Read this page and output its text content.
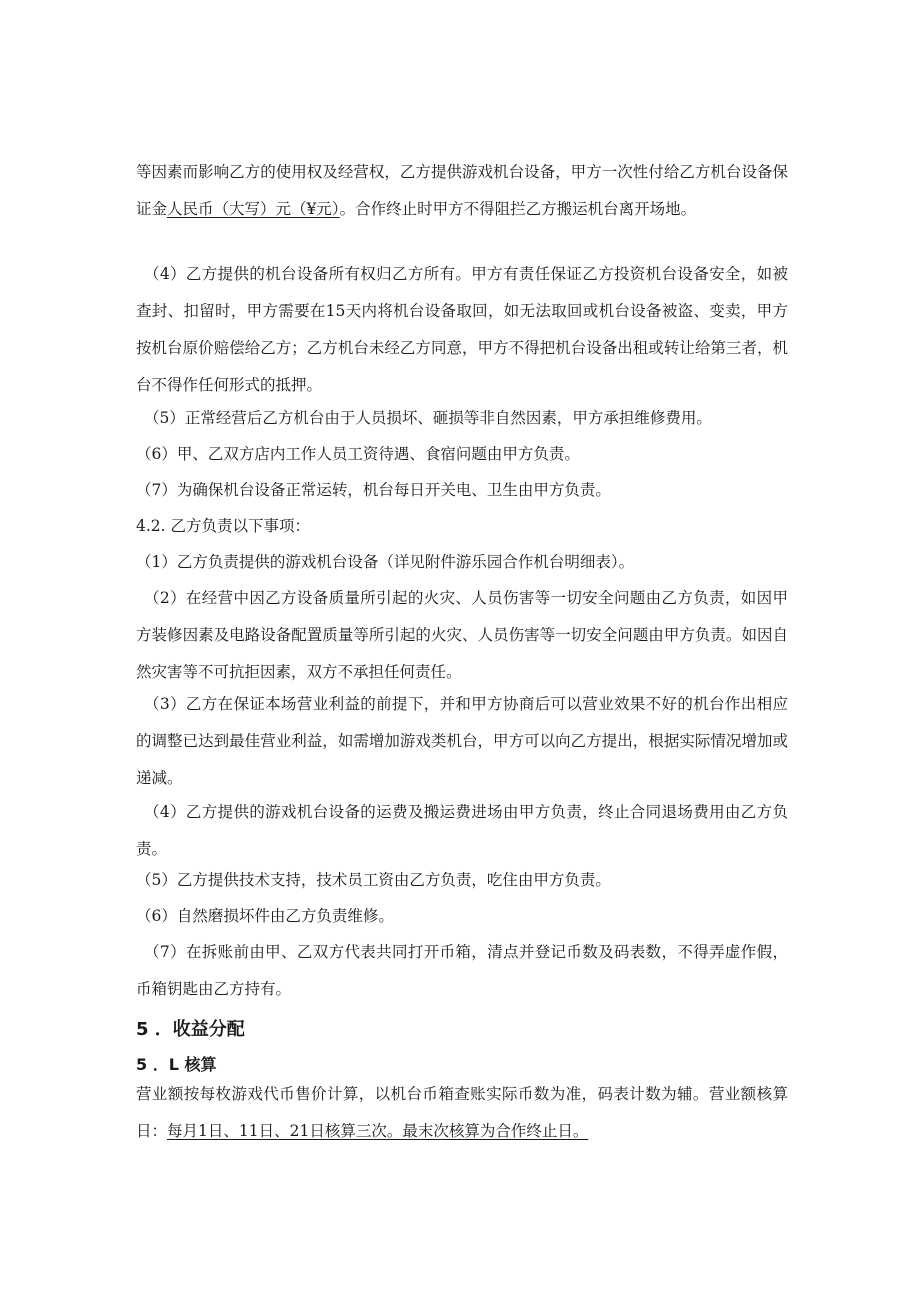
等因素而影响乙方的使用权及经营权，乙方提供游戏机台设备，甲方一次性付给乙方机台设备保证金人民币（大写）元（¥元）。合作终止时甲方不得阻拦乙方搬运机台离开场地。

（4）乙方提供的机台设备所有权归乙方所有。甲方有责任保证乙方投资机台设备安全，如被查封、扣留时，甲方需要在15天内将机台设备取回，如无法取回或机台设备被盗、变卖，甲方按机台原价赔偿给乙方；乙方机台未经乙方同意，甲方不得把机台设备出租或转让给第三者，机台不得作任何形式的抵押。

（5）正常经营后乙方机台由于人员损坏、砸损等非自然因素，甲方承担维修费用。

（6）甲、乙双方店内工作人员工资待遇、食宿问题由甲方负责。

（7）为确保机台设备正常运转，机台每日开关电、卫生由甲方负责。

4.2. 乙方负责以下事项：

（1）乙方负责提供的游戏机台设备（详见附件游乐园合作机台明细表）。

（2）在经营中因乙方设备质量所引起的火灾、人员伤害等一切安全问题由乙方负责，如因甲方装修因素及电路设备配置质量等所引起的火灾、人员伤害等一切安全问题由甲方负责。如因自然灾害等不可抗拒因素，双方不承担任何责任。

（3）乙方在保证本场营业利益的前提下，并和甲方协商后可以营业效果不好的机台作出相应的调整已达到最佳营业利益，如需增加游戏类机台，甲方可以向乙方提出，根据实际情况增加或递减。

（4）乙方提供的游戏机台设备的运费及搬运费进场由甲方负责，终止合同退场费用由乙方负责。

（5）乙方提供技术支持，技术员工资由乙方负责，吃住由甲方负责。

（6）自然磨损坏件由乙方负责维修。

（7）在拆账前由甲、乙双方代表共同打开币箱，清点并登记币数及码表数，不得弄虚作假，币箱钥匙由乙方持有。

5 ．收益分配
5 ．L 核算

营业额按每枚游戏代币售价计算，以机台币箱查账实际币数为准，码表计数为辅。营业额核算日：每月1日、11日、21日核算三次。最末次核算为合作终止日。
